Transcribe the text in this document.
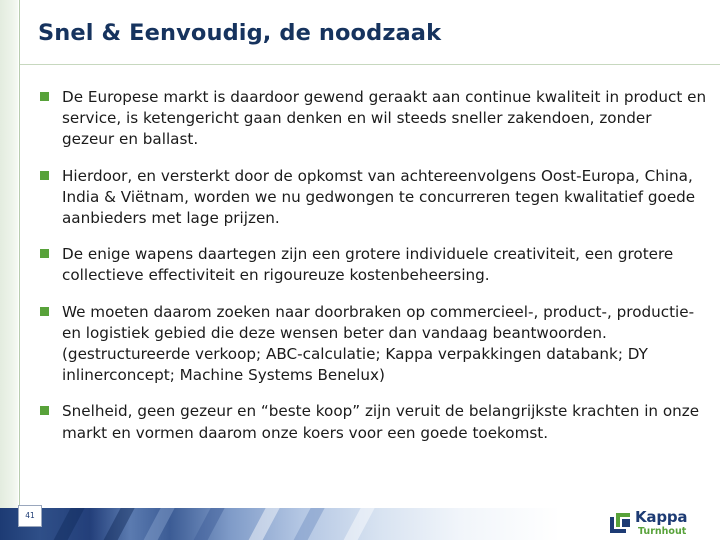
Snel & Eenvoudig, de noodzaak
De Europese markt is daardoor gewend geraakt aan continue kwaliteit in product en service, is ketengericht gaan denken en wil steeds sneller zakendoen, zonder gezeur en ballast.
Hierdoor, en versterkt door de opkomst van achtereenvolgens Oost-Europa, China, India & Viëtnam, worden we nu gedwongen te concurreren tegen kwalitatief goede aanbieders met lage prijzen.
De enige wapens daartegen zijn een grotere individuele creativiteit, een grotere collectieve effectiviteit en rigoureuze kostenbeheersing.
We moeten daarom zoeken naar doorbraken op commercieel-, product-, productie- en logistiek gebied die deze wensen beter dan vandaag beantwoorden. (gestructureerde verkoop; ABC-calculatie; Kappa verpakkingen databank; DY inlinerconcept; Machine Systems Benelux)
Snelheid, geen gezeur en “beste koop” zijn veruit de belangrijkste krachten in onze markt en vormen daarom onze koers voor een goede toekomst.
41	Kappa
Turnhout
